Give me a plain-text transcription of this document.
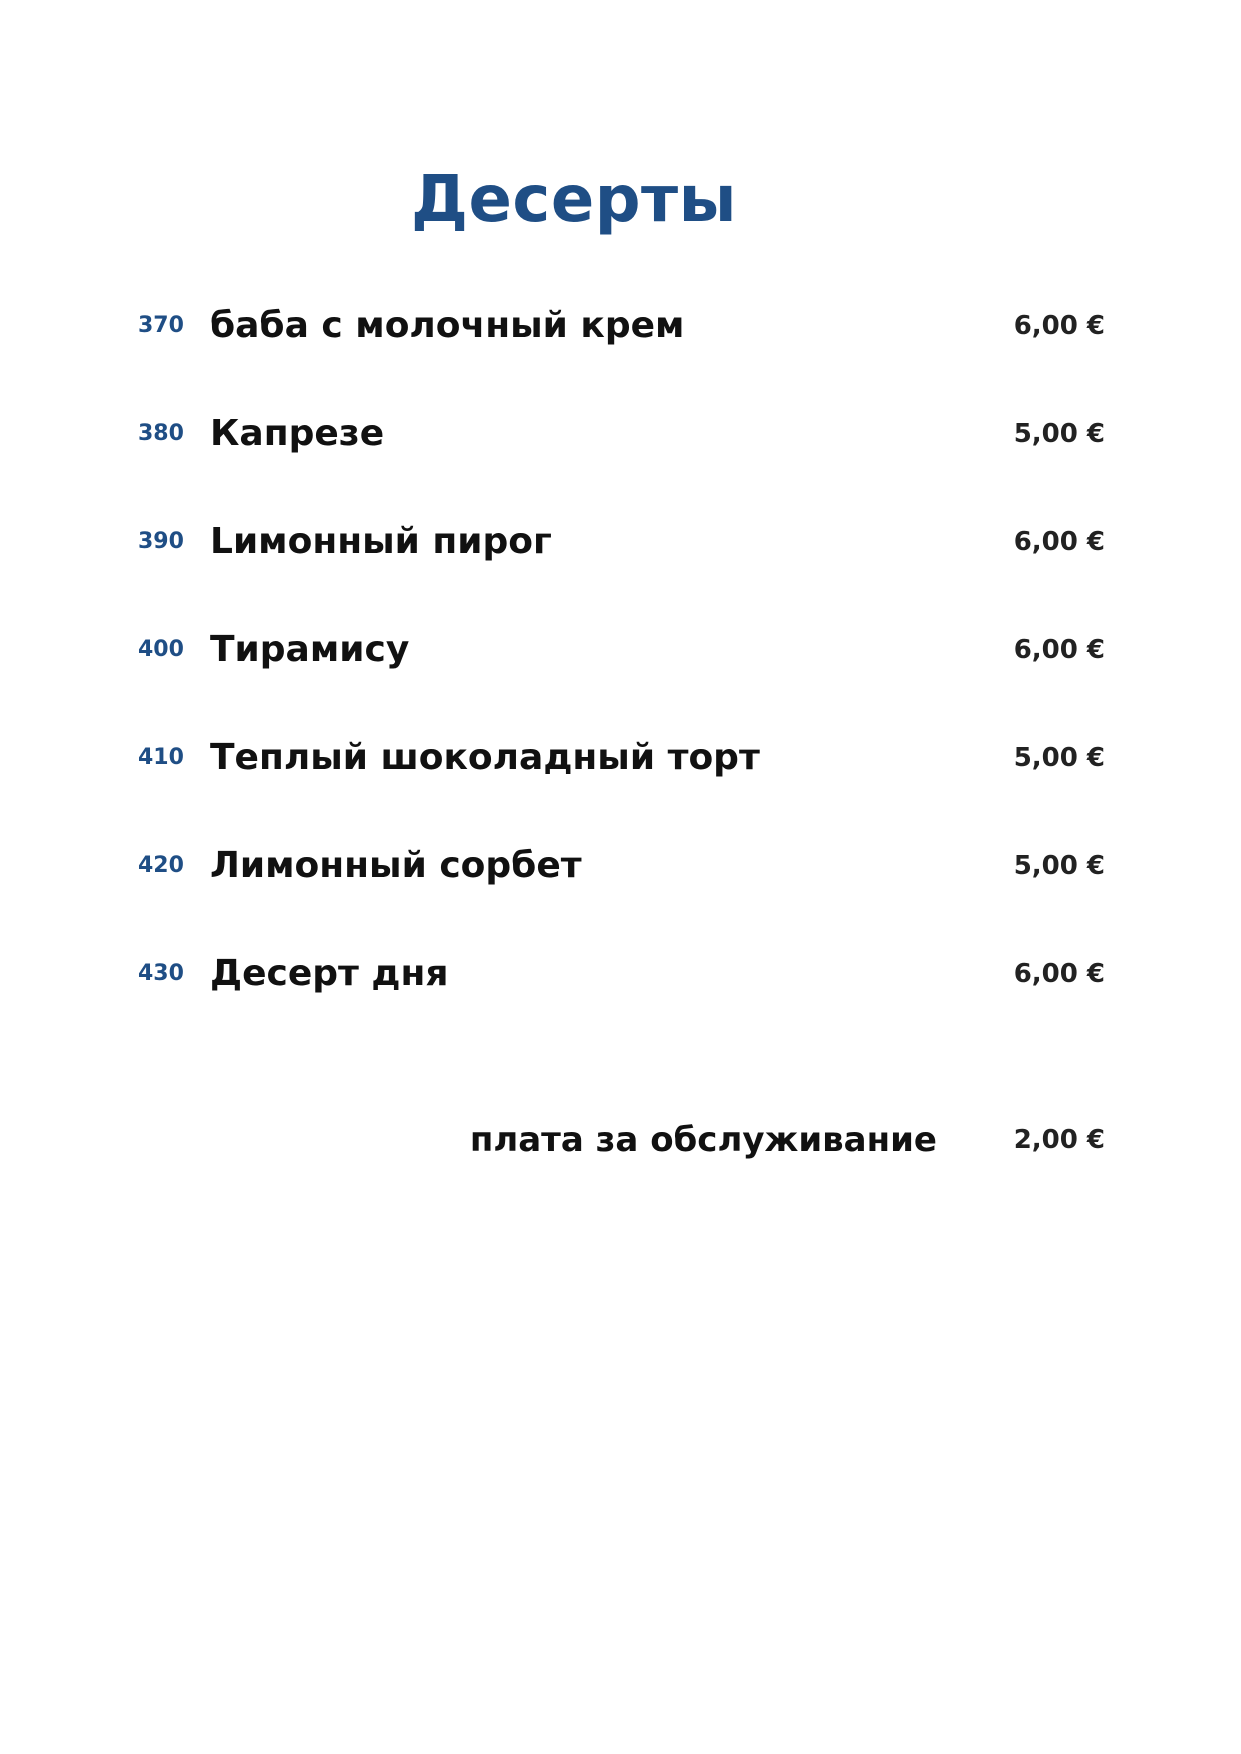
Десерты
370 баба с молочный крем	6,00 €
380 Капрезе	5,00 €
390 Lимонный пирог	6,00 €
400 Тирамису	6,00 €
410 Теплый шоколадный торт	5,00 €
420 Лимонный сорбет	5,00 €
430 Десерт дня	6,00 €
плата за обслуживание	2,00 €
